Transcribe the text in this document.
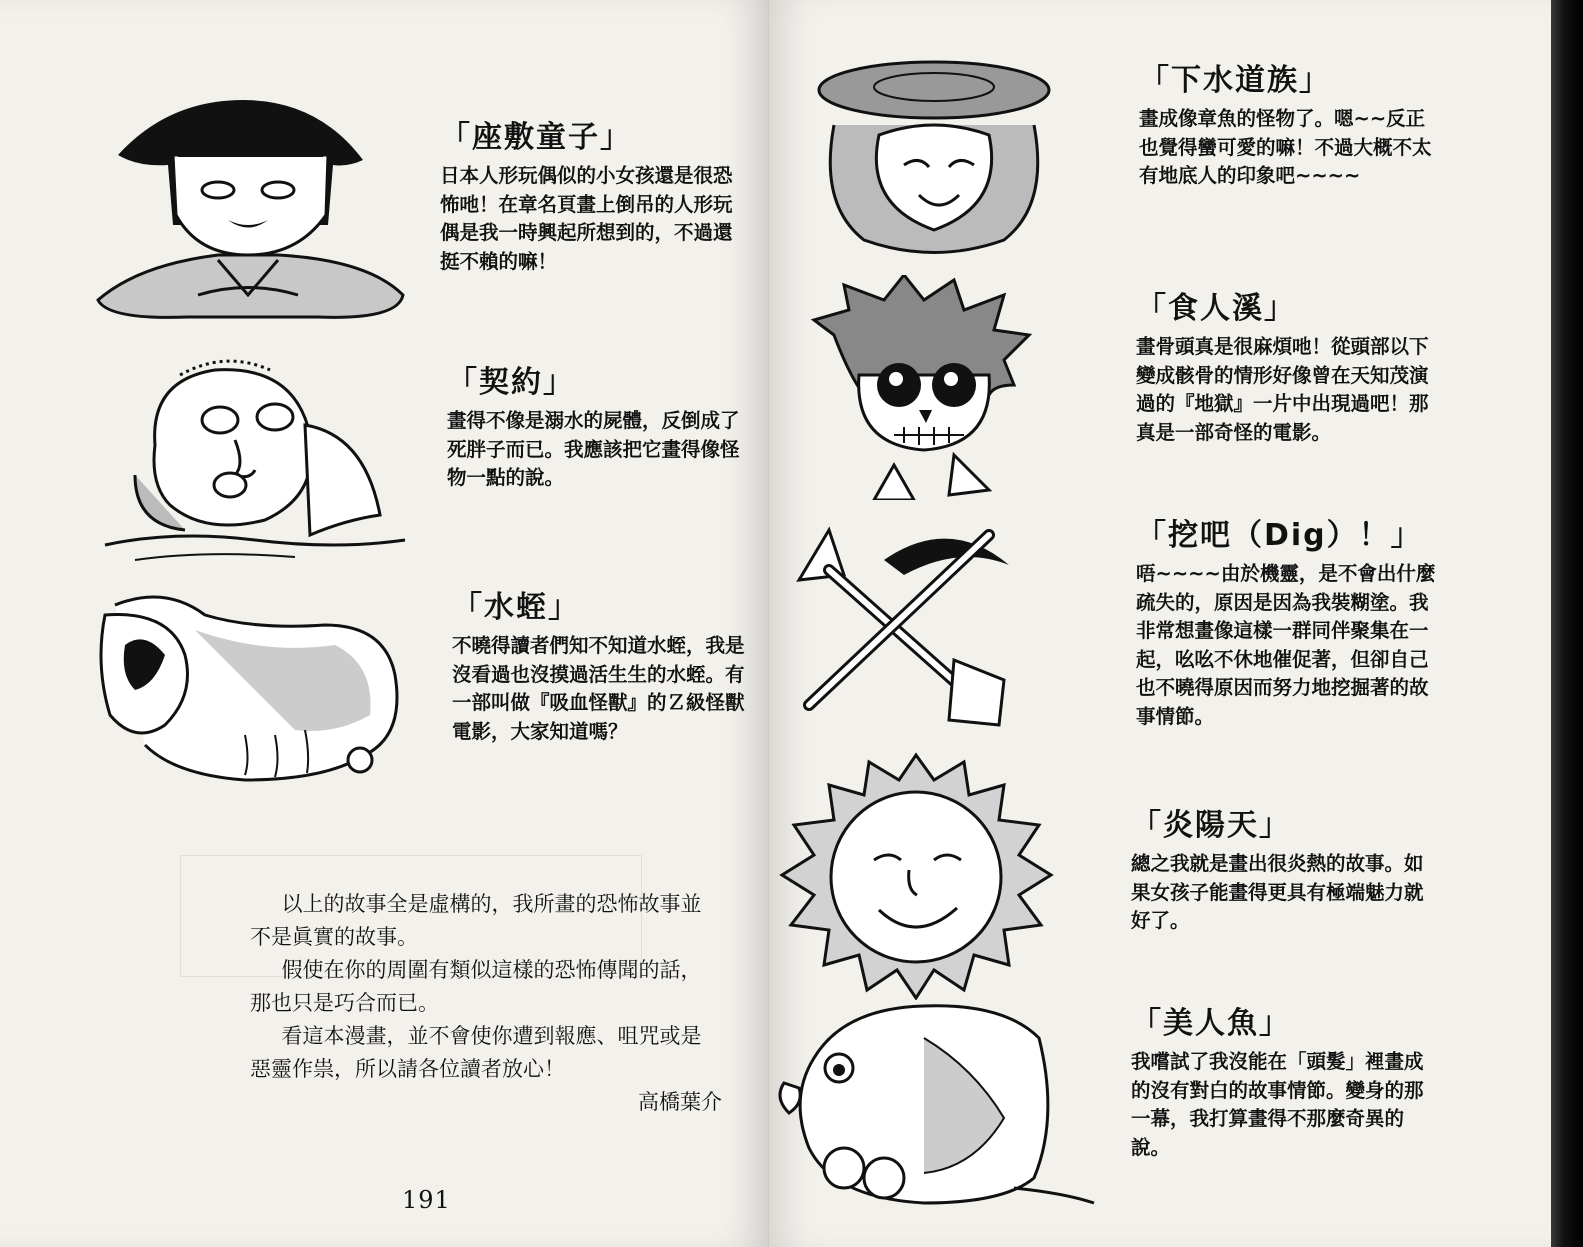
「座敷童子」

日本人形玩偶似的小女孩還是很恐怖吔！在章名頁畫上倒吊的人形玩偶是我一時興起所想到的，不過還挺不賴的嘛！

「契約」

畫得不像是溺水的屍體，反倒成了死胖子而已。我應該把它畫得像怪物一點的說。

「水蛭」

不曉得讀者們知不知道水蛭，我是沒看過也沒摸過活生生的水蛭。有一部叫做『吸血怪獸』的Ｚ級怪獸電影，大家知道嗎？

以上的故事全是虛構的，我所畫的恐怖故事並不是眞實的故事。

假使在你的周圍有類似這樣的恐怖傳聞的話，那也只是巧合而已。

看這本漫畫，並不會使你遭到報應、咀咒或是惡靈作祟，所以請各位讀者放心！

高橋葉介

191
「下水道族」

畫成像章魚的怪物了。嗯~~反正也覺得蠻可愛的嘛！不過大概不太有地底人的印象吧~~~~

「食人溪」

畫骨頭真是很麻煩吔！從頭部以下變成骸骨的情形好像曾在天知茂演過的『地獄』一片中出現過吧！那真是一部奇怪的電影。

「挖吧（Dig）！」

唔~~~~由於機靈，是不會出什麼疏失的，原因是因為我裝糊塗。我非常想畫像這樣一群同伴聚集在一起，吆吆不休地催促著，但卻自己也不曉得原因而努力地挖掘著的故事情節。

「炎陽天」

總之我就是畫出很炎熱的故事。如果女孩子能畫得更具有極端魅力就好了。

「美人魚」

我嚐試了我沒能在「頭髮」裡畫成的沒有對白的故事情節。變身的那一幕，我打算畫得不那麼奇異的說。
